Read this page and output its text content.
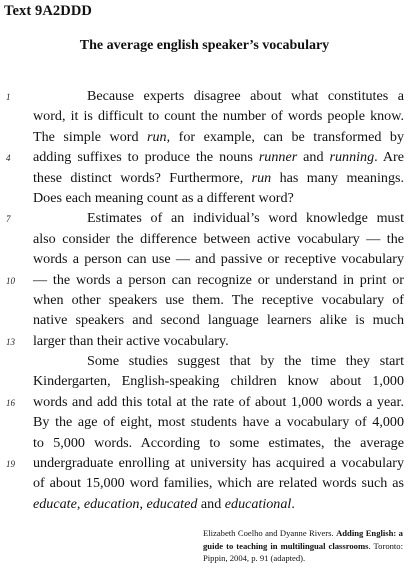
Text 9A2DDD
The average english speaker’s vocabulary
1	Because experts disagree about what constitutes a
word, it is difficult to count the number of words people know.
The simple word run, for example, can be transformed by
4	adding suffixes to produce the nouns runner and running. Are
these distinct words? Furthermore, run has many meanings.
Does each meaning count as a different word?
7	Estimates of an individual’s word knowledge must
also consider the difference between active vocabulary — the
words a person can use — and passive or receptive vocabulary
10	— the words a person can recognize or understand in print or
when other speakers use them. The receptive vocabulary of
native speakers and second language learners alike is much
13	larger than their active vocabulary.
Some studies suggest that by the time they start
Kindergarten, English-speaking children know about 1,000
16	words and add this total at the rate of about 1,000 words a year.
By the age of eight, most students have a vocabulary of 4,000
to 5,000 words. According to some estimates, the average
19	undergraduate enrolling at university has acquired a vocabulary
of about 15,000 word families, which are related words such as
educate, education, educated and educational.
Elizabeth Coelho and Dyanne Rivers. Adding English: a guide to teaching in multilingual classrooms. Toronto: Pippin, 2004, p. 91 (adapted).
